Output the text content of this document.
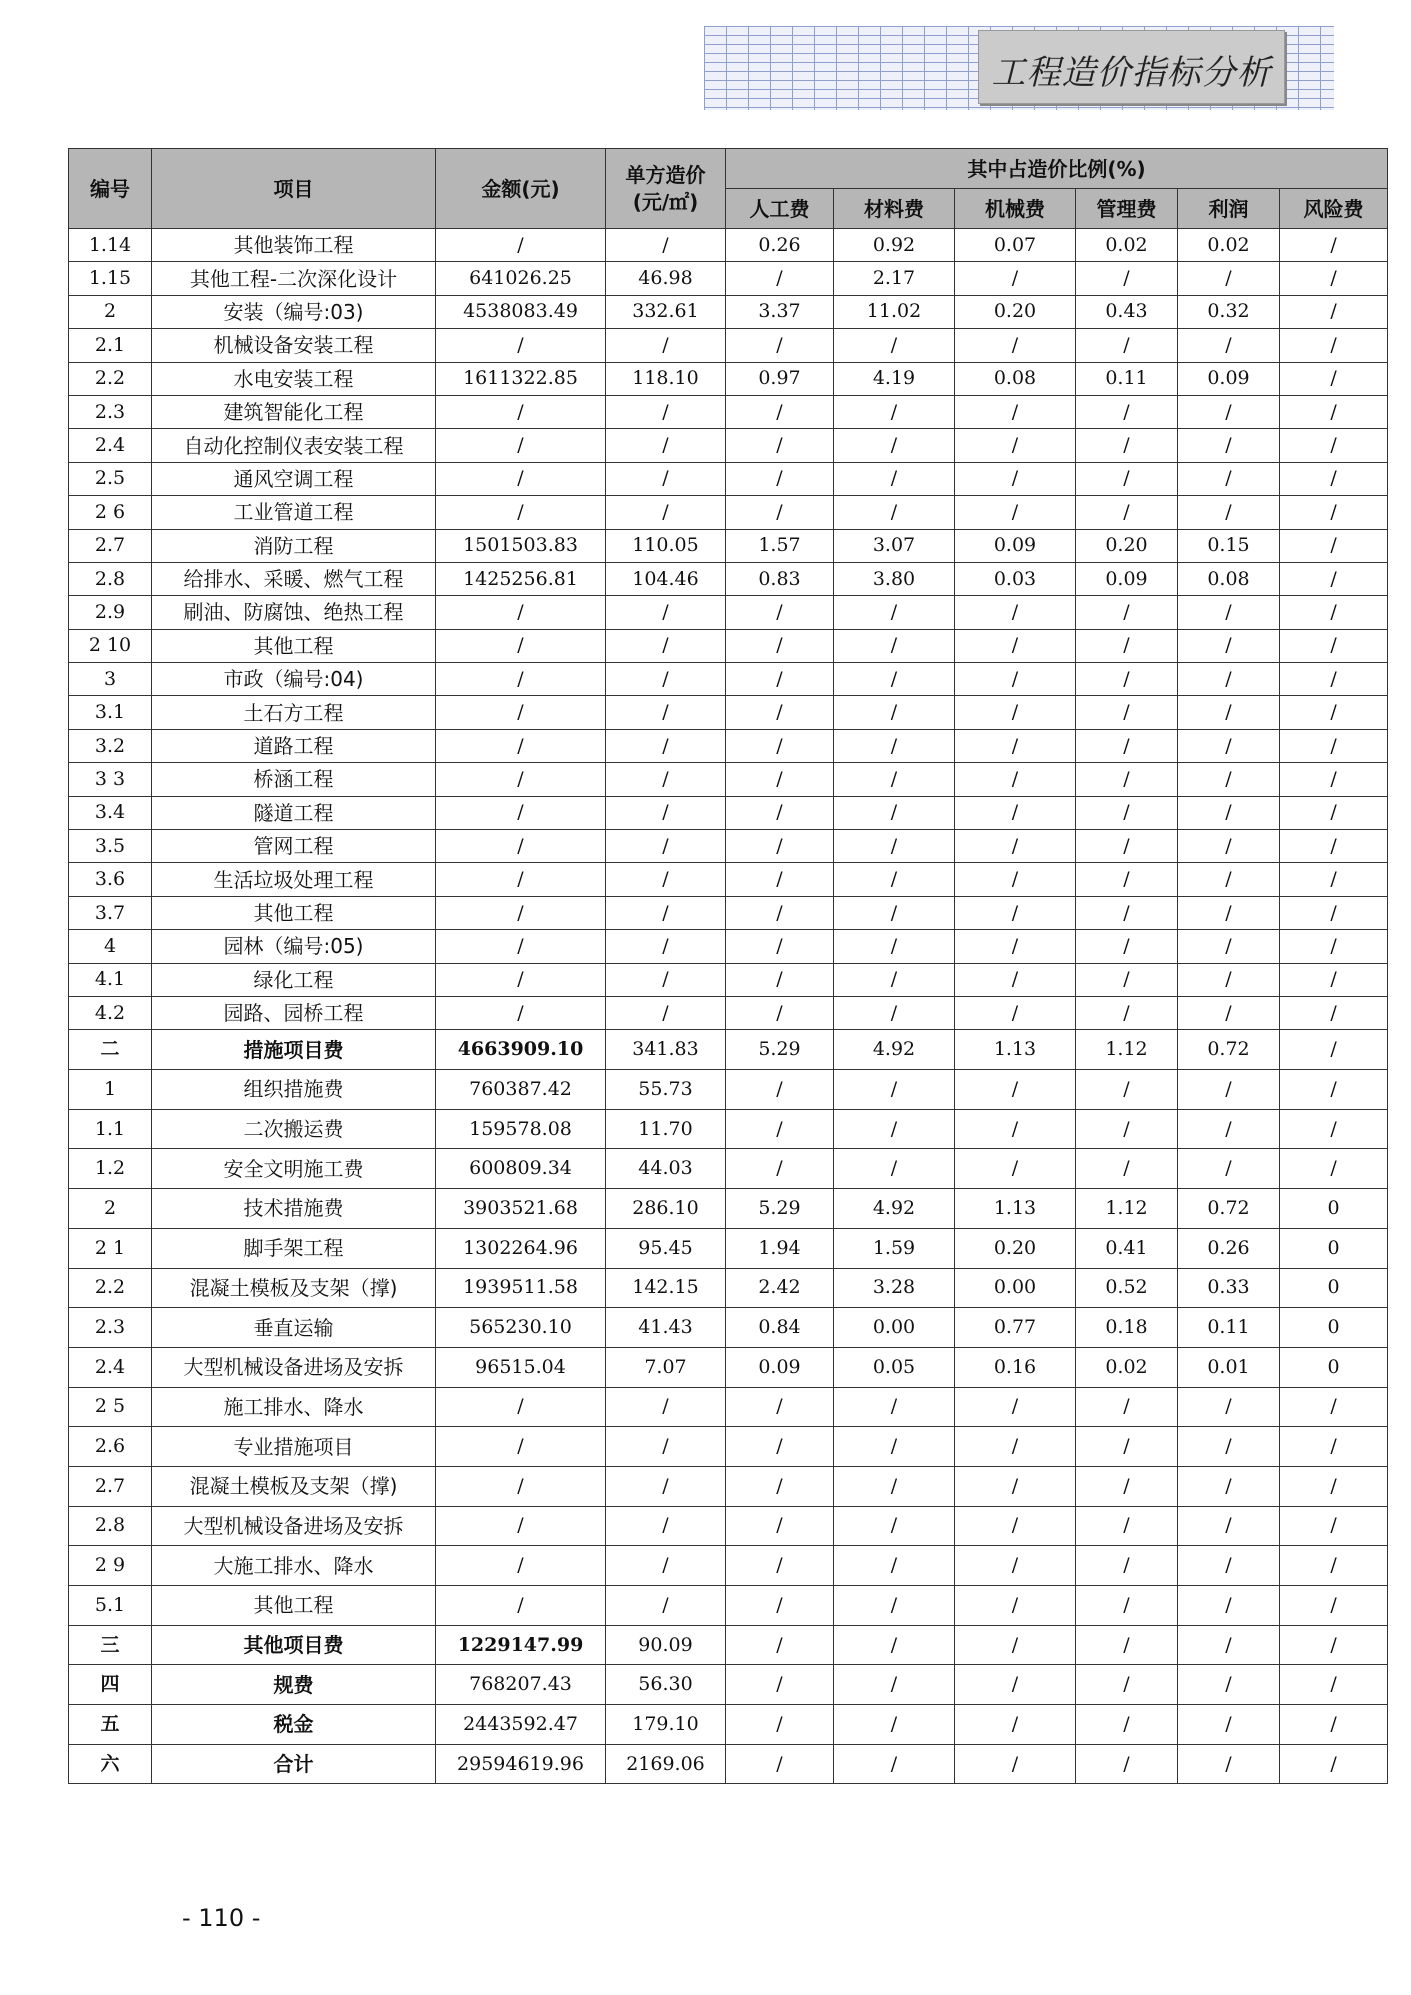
工程造价指标分析
编号	项目	金额(元)	单方造价
(元/㎡)	其中占造价比例(%)					
				人工费	材料费	机械费	管理费	利润	风险费
1.14	其他装饰工程	/	/	0.26	0.92	0.07	0.02	0.02	/
1.15	其他工程-二次深化设计	641026.25	46.98	/	2.17	/	/	/	/
2	安装（编号:03)	4538083.49	332.61	3.37	11.02	0.20	0.43	0.32	/
2.1	机械设备安装工程	/	/	/	/	/	/	/	/
2.2	水电安装工程	1611322.85	118.10	0.97	4.19	0.08	0.11	0.09	/
2.3	建筑智能化工程	/	/	/	/	/	/	/	/
2.4	自动化控制仪表安装工程	/	/	/	/	/	/	/	/
2.5	通风空调工程	/	/	/	/	/	/	/	/
2 6	工业管道工程	/	/	/	/	/	/	/	/
2.7	消防工程	1501503.83	110.05	1.57	3.07	0.09	0.20	0.15	/
2.8	给排水、采暖、燃气工程	1425256.81	104.46	0.83	3.80	0.03	0.09	0.08	/
2.9	刷油、防腐蚀、绝热工程	/	/	/	/	/	/	/	/
2 10	其他工程	/	/	/	/	/	/	/	/
3	市政（编号:04)	/	/	/	/	/	/	/	/
3.1	土石方工程	/	/	/	/	/	/	/	/
3.2	道路工程	/	/	/	/	/	/	/	/
3 3	桥涵工程	/	/	/	/	/	/	/	/
3.4	隧道工程	/	/	/	/	/	/	/	/
3.5	管网工程	/	/	/	/	/	/	/	/
3.6	生活垃圾处理工程	/	/	/	/	/	/	/	/
3.7	其他工程	/	/	/	/	/	/	/	/
4	园林（编号:05)	/	/	/	/	/	/	/	/
4.1	绿化工程	/	/	/	/	/	/	/	/
4.2	园路、园桥工程	/	/	/	/	/	/	/	/
二	措施项目费	4663909.10	341.83	5.29	4.92	1.13	1.12	0.72	/
1	组织措施费	760387.42	55.73	/	/	/	/	/	/
1.1	二次搬运费	159578.08	11.70	/	/	/	/	/	/
1.2	安全文明施工费	600809.34	44.03	/	/	/	/	/	/
2	技术措施费	3903521.68	286.10	5.29	4.92	1.13	1.12	0.72	0
2 1	脚手架工程	1302264.96	95.45	1.94	1.59	0.20	0.41	0.26	0
2.2	混凝土模板及支架（撑)	1939511.58	142.15	2.42	3.28	0.00	0.52	0.33	0
2.3	垂直运输	565230.10	41.43	0.84	0.00	0.77	0.18	0.11	0
2.4	大型机械设备进场及安拆	96515.04	7.07	0.09	0.05	0.16	0.02	0.01	0
2 5	施工排水、降水	/	/	/	/	/	/	/	/
2.6	专业措施项目	/	/	/	/	/	/	/	/
2.7	混凝土模板及支架（撑)	/	/	/	/	/	/	/	/
2.8	大型机械设备进场及安拆	/	/	/	/	/	/	/	/
2 9	大施工排水、降水	/	/	/	/	/	/	/	/
5.1	其他工程	/	/	/	/	/	/	/	/
三	其他项目费	1229147.99	90.09	/	/	/	/	/	/
四	规费	768207.43	56.30	/	/	/	/	/	/
五	税金	2443592.47	179.10	/	/	/	/	/	/
六	合计	29594619.96	2169.06	/	/	/	/	/	/
- 110 -
